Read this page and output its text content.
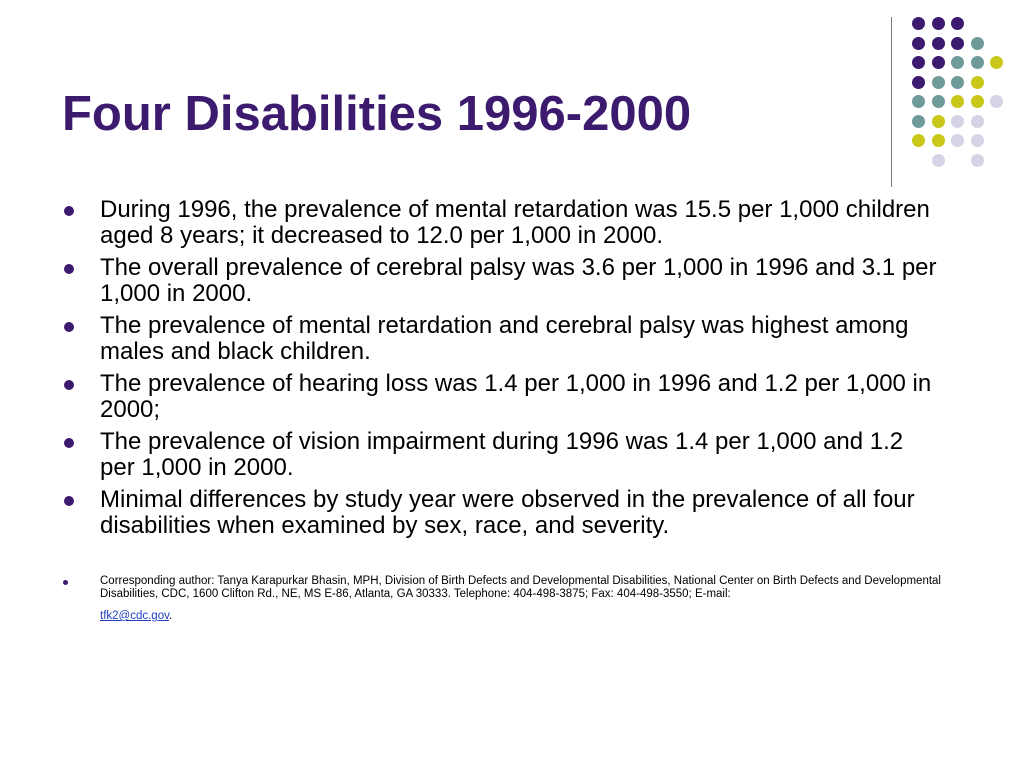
Four Disabilities 1996-2000
During 1996, the prevalence of mental retardation was 15.5 per 1,000 children aged 8 years; it decreased to 12.0 per 1,000 in 2000.
The overall prevalence of cerebral palsy was 3.6 per 1,000 in 1996 and 3.1 per 1,000 in 2000.
The prevalence of mental retardation and cerebral palsy was highest among males and black children.
The prevalence of hearing loss was 1.4 per 1,000 in 1996 and 1.2 per 1,000 in 2000;
The prevalence of vision impairment during 1996 was 1.4 per 1,000 and 1.2 per 1,000 in 2000.
Minimal differences by study year were observed in the prevalence of all four disabilities when examined by sex, race, and severity.
Corresponding author: Tanya Karapurkar Bhasin, MPH, Division of Birth Defects and Developmental Disabilities, National Center on Birth Defects and Developmental Disabilities, CDC, 1600 Clifton Rd., NE, MS E-86, Atlanta, GA 30333. Telephone: 404-498-3875; Fax: 404-498-3550; E-mail:
tfk2@cdc.gov.
